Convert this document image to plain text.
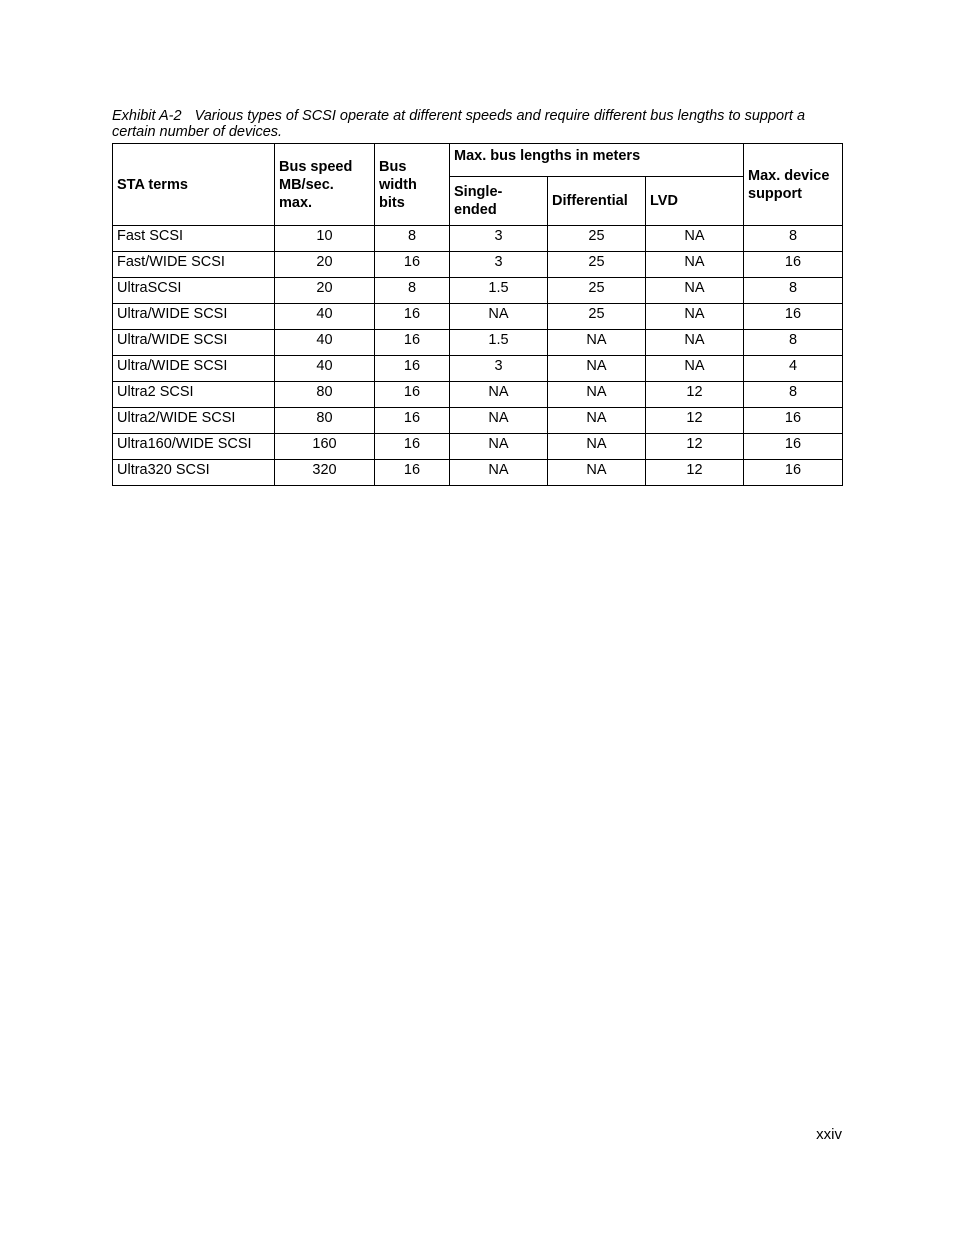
Exhibit A-2 Various types of SCSI operate at different speeds and require different bus lengths to support a certain number of devices.

STA terms	Bus speed MB/sec. max.	Bus width bits	Max. bus lengths in meters			Max. device support
			Single-ended	Differential	LVD	
Fast SCSI	10	8	3	25	NA	8
Fast/WIDE SCSI	20	16	3	25	NA	16
UltraSCSI	20	8	1.5	25	NA	8
Ultra/WIDE SCSI	40	16	NA	25	NA	16
Ultra/WIDE SCSI	40	16	1.5	NA	NA	8
Ultra/WIDE SCSI	40	16	3	NA	NA	4
Ultra2 SCSI	80	16	NA	NA	12	8
Ultra2/WIDE SCSI	80	16	NA	NA	12	16
Ultra160/WIDE SCSI	160	16	NA	NA	12	16
Ultra320 SCSI	320	16	NA	NA	12	16
xxiv
